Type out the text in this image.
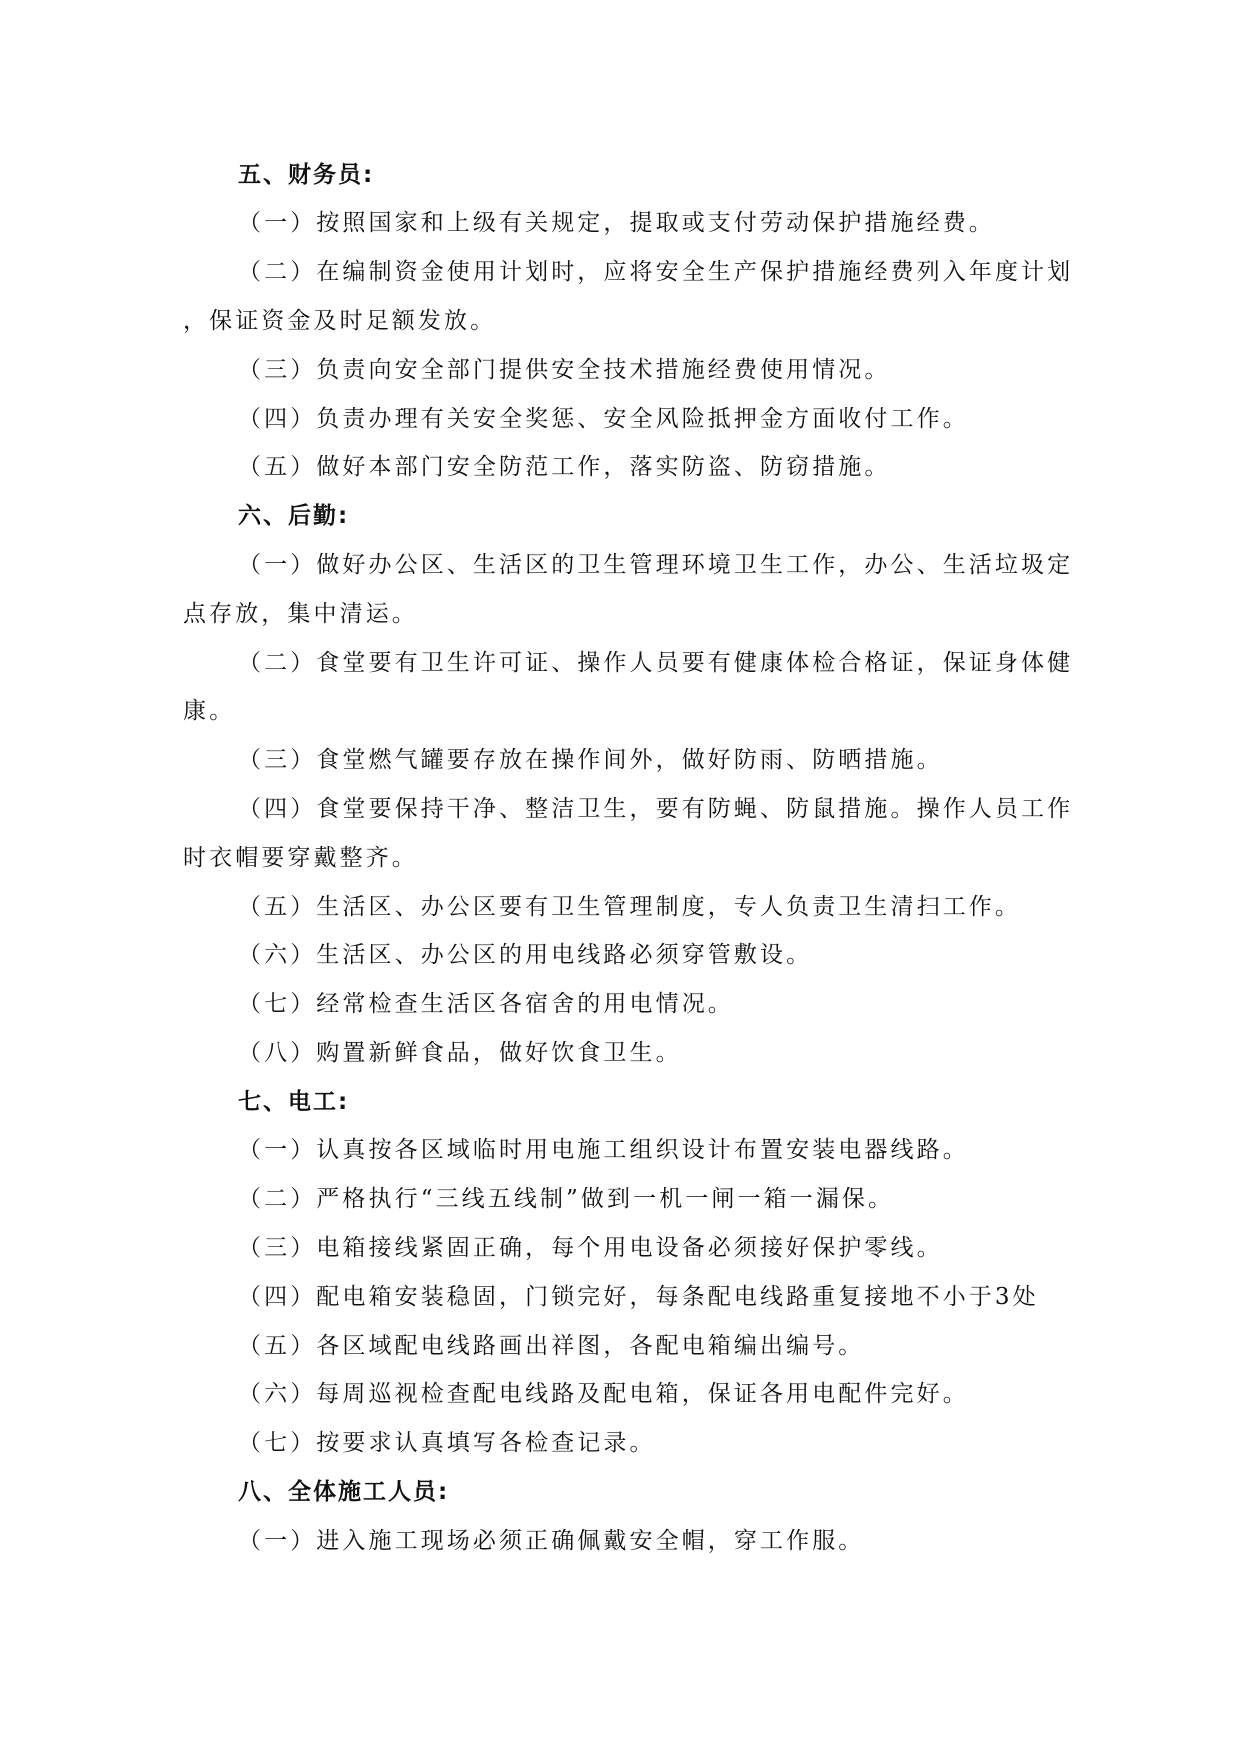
五、财务员:
（一）按照国家和上级有关规定，提取或支付劳动保护措施经费。
（二）在编制资金使用计划时，应将安全生产保护措施经费列入年度计划
，保证资金及时足额发放。
（三）负责向安全部门提供安全技术措施经费使用情况。
（四）负责办理有关安全奖惩、安全风险抵押金方面收付工作。
（五）做好本部门安全防范工作，落实防盗、防窃措施。
六、后勤:
（一）做好办公区、生活区的卫生管理环境卫生工作，办公、生活垃圾定
点存放，集中清运。
（二）食堂要有卫生许可证、操作人员要有健康体检合格证，保证身体健
康。
（三）食堂燃气罐要存放在操作间外，做好防雨、防晒措施。
（四）食堂要保持干净、整洁卫生，要有防蝇、防鼠措施。操作人员工作
时衣帽要穿戴整齐。
（五）生活区、办公区要有卫生管理制度，专人负责卫生清扫工作。
（六）生活区、办公区的用电线路必须穿管敷设。
（七）经常检查生活区各宿舍的用电情况。
（八）购置新鲜食品，做好饮食卫生。
七、电工:
（一）认真按各区域临时用电施工组织设计布置安装电器线路。
（二）严格执行“三线五线制”做到一机一闸一箱一漏保。
（三）电箱接线紧固正确，每个用电设备必须接好保护零线。
（四）配电箱安装稳固，门锁完好，每条配电线路重复接地不小于3处
（五）各区域配电线路画出祥图，各配电箱编出编号。
（六）每周巡视检查配电线路及配电箱，保证各用电配件完好。
（七）按要求认真填写各检查记录。
八、全体施工人员:
（一）进入施工现场必须正确佩戴安全帽，穿工作服。
